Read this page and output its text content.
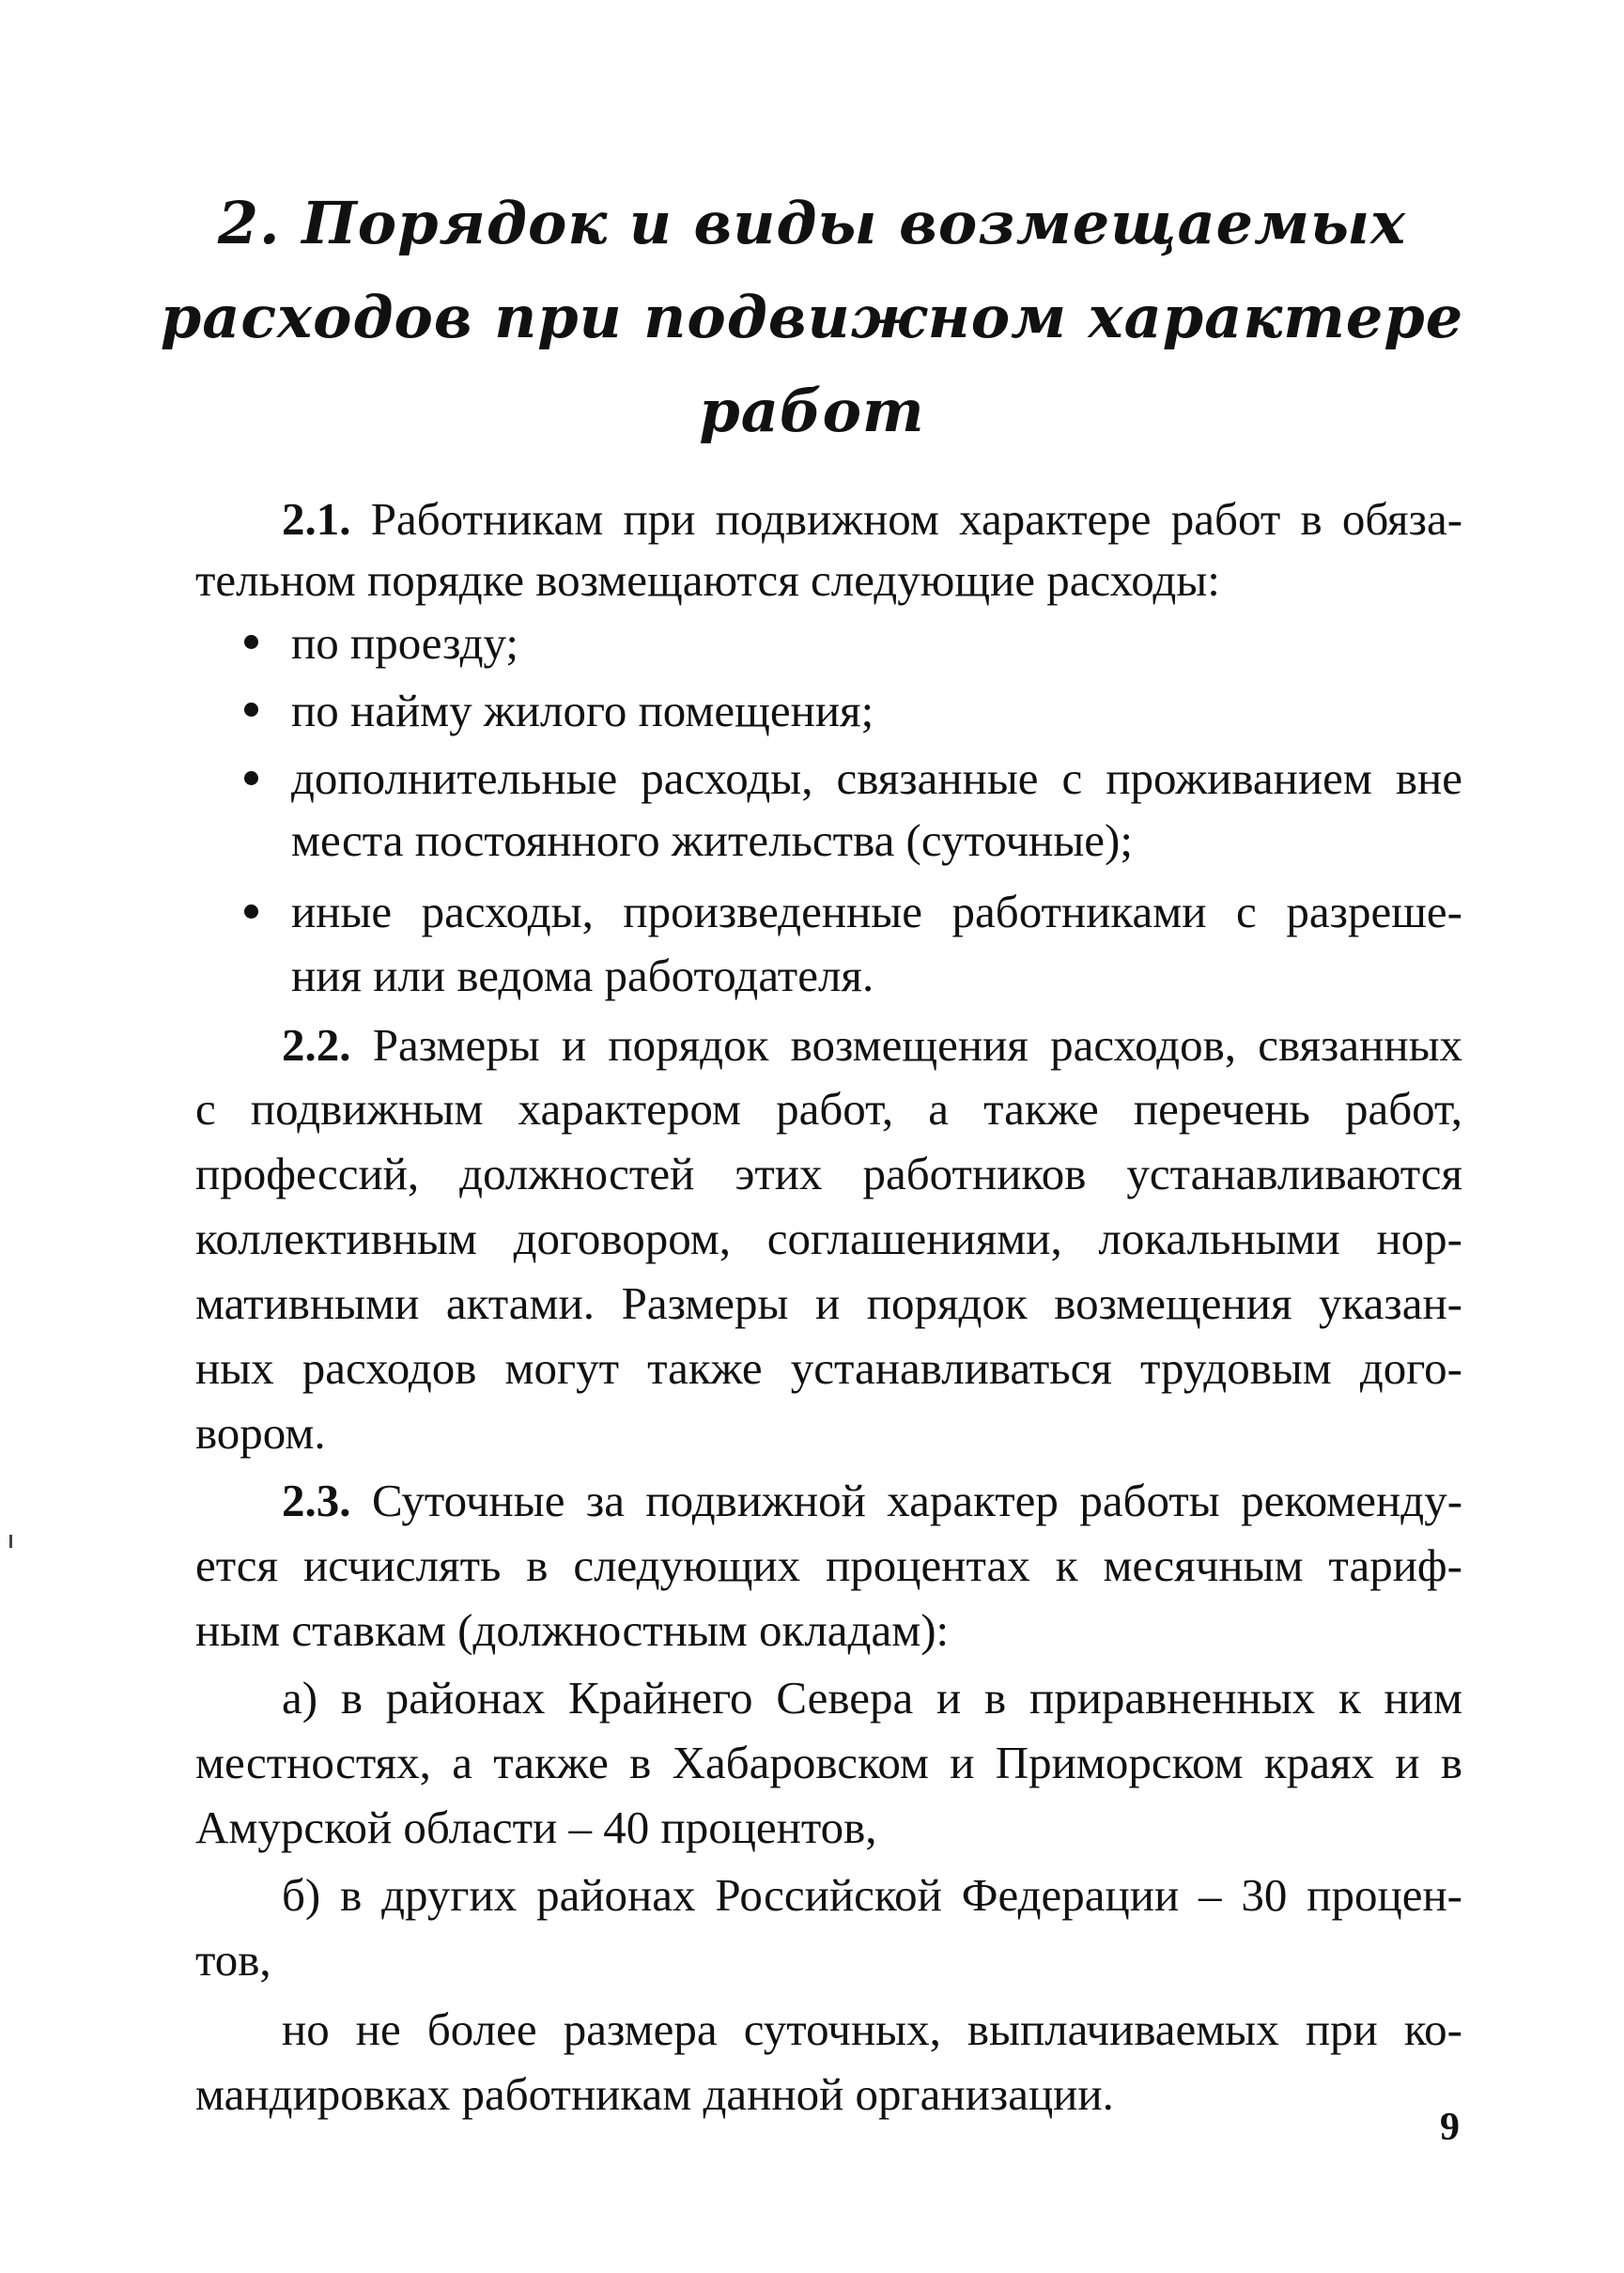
2. Порядок и виды возмещаемых
расходов при подвижном характере
работ
2.1. Работникам при подвижном характере работ в обяза-
тельном порядке возмещаются следующие расходы:
по проезду;
по найму жилого помещения;
дополнительные расходы, связанные с проживанием вне
места постоянного жительства (суточные);
иные расходы, произведенные работниками с разреше-
ния или ведома работодателя.
2.2. Размеры и порядок возмещения расходов, связанных
с подвижным характером работ, а также перечень работ,
профессий, должностей этих работников устанавливаются
коллективным договором, соглашениями, локальными нор-
мативными актами. Размеры и порядок возмещения указан-
ных расходов могут также устанавливаться трудовым дого-
вором.
2.3. Суточные за подвижной характер работы рекоменду-
ется исчислять в следующих процентах к месячным тариф-
ным ставкам (должностным окладам):
а) в районах Крайнего Севера и в приравненных к ним
местностях, а также в Хабаровском и Приморском краях и в
Амурской области – 40 процентов,
б) в других районах Российской Федерации – 30 процен-
тов,
но не более размера суточных, выплачиваемых при ко-
мандировках работникам данной организации.
9
